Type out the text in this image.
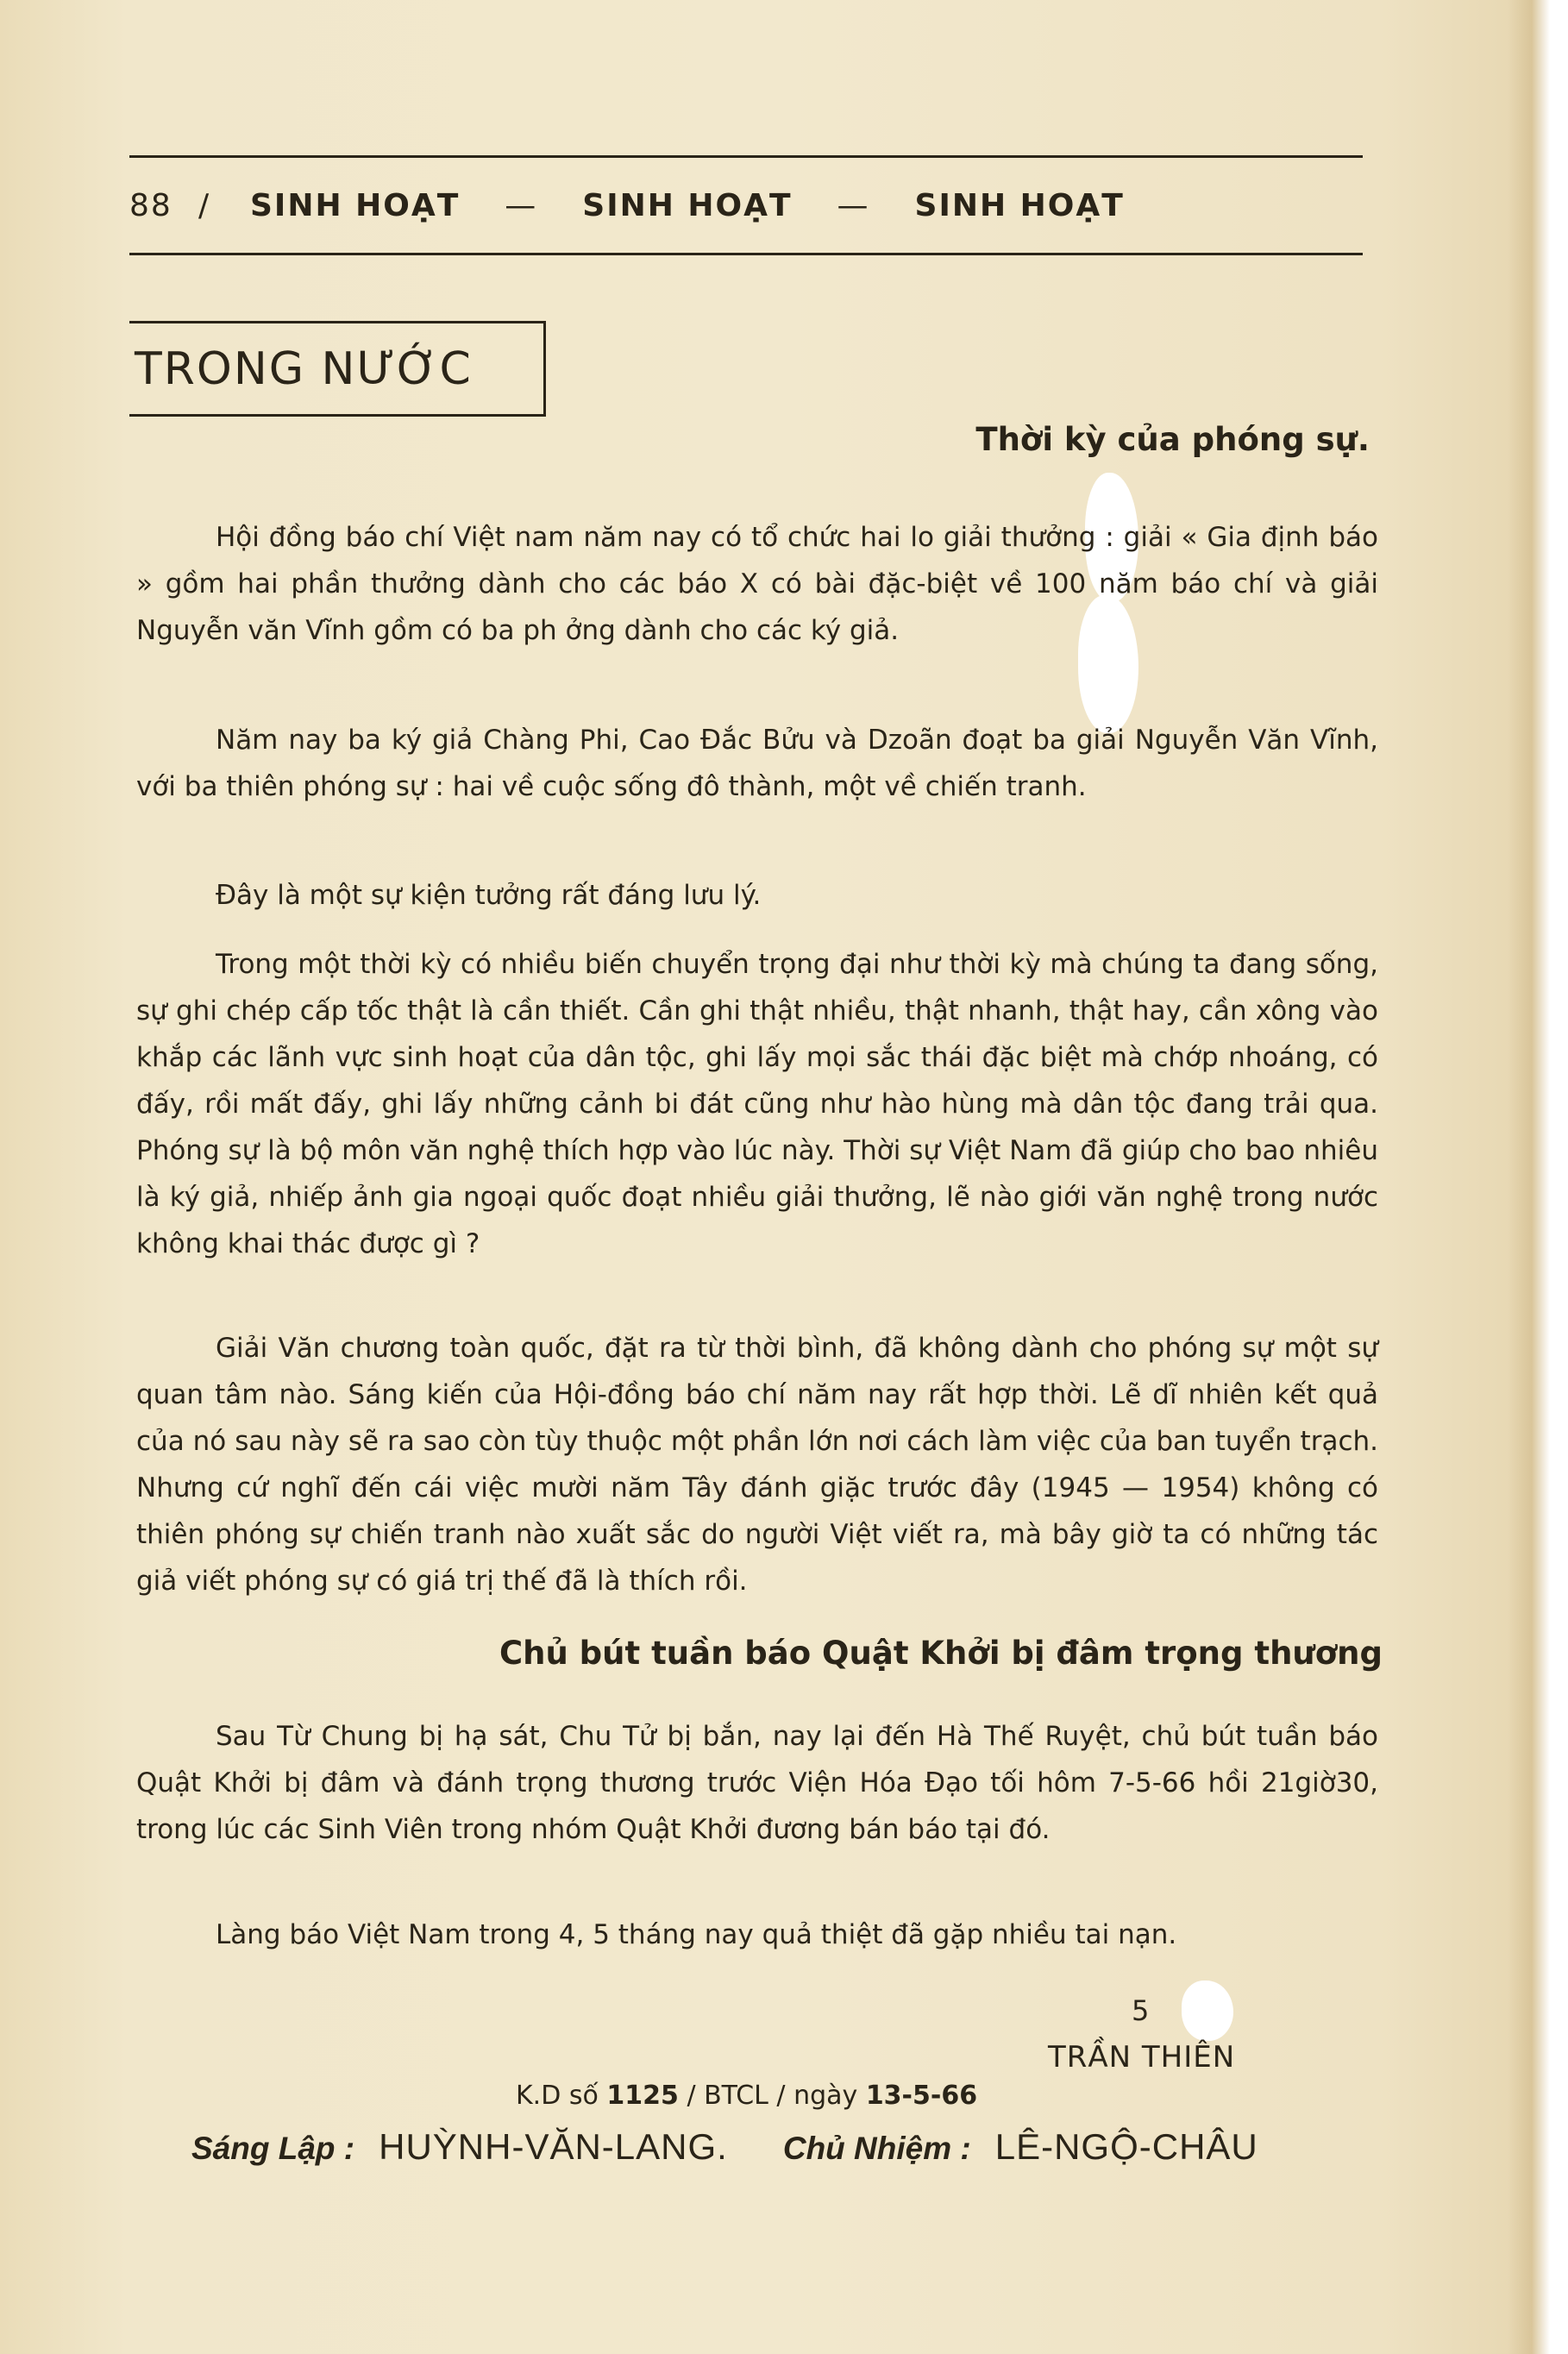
88 /	SINH HOẠT — SINH HOẠT — SINH HOẠT
TRONG NƯỚC
Thời kỳ của phóng sự.

Hội đồng báo chí Việt nam năm nay có tổ chức hai lo giải thưởng : giải « Gia định báo » gồm hai phần thưởng dành cho các báo X có bài đặc-biệt về 100 năm báo chí và giải Nguyễn văn Vĩnh gồm có ba ph ởng dành cho các ký giả.

Năm nay ba ký giả Chàng Phi, Cao Đắc Bửu và Dzoãn đoạt ba giải Nguyễn Văn Vĩnh, với ba thiên phóng sự : hai về cuộc sống đô thành, một về chiến tranh.

Đây là một sự kiện tưởng rất đáng lưu lý.

Trong một thời kỳ có nhiều biến chuyển trọng đại như thời kỳ mà chúng ta đang sống, sự ghi chép cấp tốc thật là cần thiết. Cần ghi thật nhiều, thật nhanh, thật hay, cần xông vào khắp các lãnh vực sinh hoạt của dân tộc, ghi lấy mọi sắc thái đặc biệt mà chớp nhoáng, có đấy, rồi mất đấy, ghi lấy những cảnh bi đát cũng như hào hùng mà dân tộc đang trải qua. Phóng sự là bộ môn văn nghệ thích hợp vào lúc này. Thời sự Việt Nam đã giúp cho bao nhiêu là ký giả, nhiếp ảnh gia ngoại quốc đoạt nhiều giải thưởng, lẽ nào giới văn nghệ trong nước không khai thác được gì ?

Giải Văn chương toàn quốc, đặt ra từ thời bình, đã không dành cho phóng sự một sự quan tâm nào. Sáng kiến của Hội-đồng báo chí năm nay rất hợp thời. Lẽ dĩ nhiên kết quả của nó sau này sẽ ra sao còn tùy thuộc một phần lớn nơi cách làm việc của ban tuyển trạch. Nhưng cứ nghĩ đến cái việc mười năm Tây đánh giặc trước đây (1945 — 1954) không có thiên phóng sự chiến tranh nào xuất sắc do người Việt viết ra, mà bây giờ ta có những tác giả viết phóng sự có giá trị thế đã là thích rồi.

Chủ bút tuần báo Quật Khởi bị đâm trọng thương

Sau Từ Chung bị hạ sát, Chu Tử bị bắn, nay lại đến Hà Thế Ruyệt, chủ bút tuần báo Quật Khởi bị đâm và đánh trọng thương trước Viện Hóa Đạo tối hôm 7-5-66 hồi 21giờ30, trong lúc các Sinh Viên trong nhóm Quật Khởi đương bán báo tại đó.

Làng báo Việt Nam trong 4, 5 tháng nay quả thiệt đã gặp nhiều tai nạn.

5
TRẦN THIÊN
K.D số 1125 / BTCL / ngày 13-5-66
Sáng Lập : HUỲNH-VĂN-LANG. Chủ Nhiệm : LÊ-NGỘ-CHÂU
